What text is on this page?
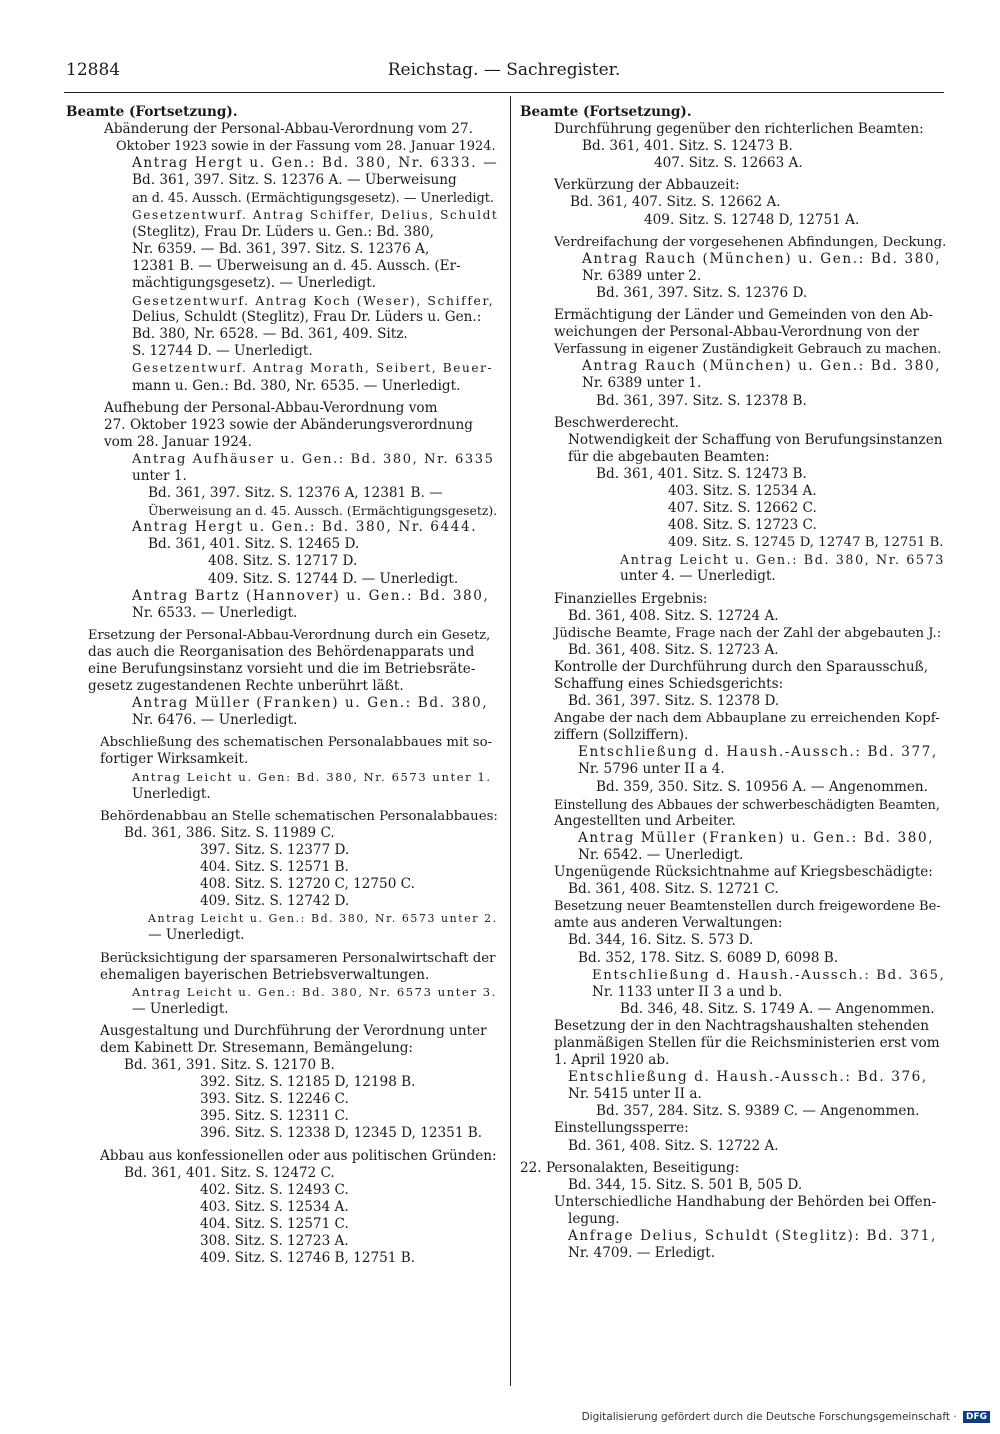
12884	Reichstag. — Sachregister.
Beamte (Fortsetzung).
Abänderung der Personal-Abbau-Verordnung vom 27.
Oktober 1923 sowie in der Fassung vom 28. Januar 1924.
Antrag Hergt u. Gen.: Bd. 380, Nr. 6333. —
Bd. 361, 397. Sitz. S. 12376 A. — Überweisung
an d. 45. Aussch. (Ermächtigungsgesetz). — Unerledigt.
Gesetzentwurf. Antrag Schiffer, Delius, Schuldt
(Steglitz), Frau Dr. Lüders u. Gen.: Bd. 380,
Nr. 6359. — Bd. 361, 397. Sitz. S. 12376 A,
12381 B. — Überweisung an d. 45. Aussch. (Er-
mächtigungsgesetz). — Unerledigt.
Gesetzentwurf. Antrag Koch (Weser), Schiffer,
Delius, Schuldt (Steglitz), Frau Dr. Lüders u. Gen.:
Bd. 380, Nr. 6528. — Bd. 361, 409. Sitz.
S. 12744 D. — Unerledigt.
Gesetzentwurf. Antrag Morath, Seibert, Beuer-
mann u. Gen.: Bd. 380, Nr. 6535. — Unerledigt.
Aufhebung der Personal-Abbau-Verordnung vom
27. Oktober 1923 sowie der Abänderungsverordnung
vom 28. Januar 1924.
Antrag Aufhäuser u. Gen.: Bd. 380, Nr. 6335
unter 1.
Bd. 361, 397. Sitz. S. 12376 A, 12381 B. —
Überweisung an d. 45. Aussch. (Ermächtigungsgesetz).
Antrag Hergt u. Gen.: Bd. 380, Nr. 6444.
Bd. 361, 401. Sitz. S. 12465 D.
408. Sitz. S. 12717 D.
409. Sitz. S. 12744 D. — Unerledigt.
Antrag Bartz (Hannover) u. Gen.: Bd. 380,
Nr. 6533. — Unerledigt.
Ersetzung der Personal-Abbau-Verordnung durch ein Gesetz,
das auch die Reorganisation des Behördenapparats und
eine Berufungsinstanz vorsieht und die im Betriebsräte-
gesetz zugestandenen Rechte unberührt läßt.
Antrag Müller (Franken) u. Gen.: Bd. 380,
Nr. 6476. — Unerledigt.
Abschließung des schematischen Personalabbaues mit so-
fortiger Wirksamkeit.
Antrag Leicht u. Gen: Bd. 380, Nr. 6573 unter 1.
Unerledigt.
Behördenabbau an Stelle schematischen Personalabbaues:
Bd. 361, 386. Sitz. S. 11989 C.
397. Sitz. S. 12377 D.
404. Sitz. S. 12571 B.
408. Sitz. S. 12720 C, 12750 C.
409. Sitz. S. 12742 D.
Antrag Leicht u. Gen.: Bd. 380, Nr. 6573 unter 2.
— Unerledigt.
Berücksichtigung der sparsameren Personalwirtschaft der
ehemaligen bayerischen Betriebsverwaltungen.
Antrag Leicht u. Gen.: Bd. 380, Nr. 6573 unter 3.
— Unerledigt.
Ausgestaltung und Durchführung der Verordnung unter
dem Kabinett Dr. Stresemann, Bemängelung:
Bd. 361, 391. Sitz. S. 12170 B.
392. Sitz. S. 12185 D, 12198 B.
393. Sitz. S. 12246 C.
395. Sitz. S. 12311 C.
396. Sitz. S. 12338 D, 12345 D, 12351 B.
Abbau aus konfessionellen oder aus politischen Gründen:
Bd. 361, 401. Sitz. S. 12472 C.
402. Sitz. S. 12493 C.
403. Sitz. S. 12534 A.
404. Sitz. S. 12571 C.
308. Sitz. S. 12723 A.
409. Sitz. S. 12746 B, 12751 B.
Beamte (Fortsetzung).
Durchführung gegenüber den richterlichen Beamten:
Bd. 361, 401. Sitz. S. 12473 B.
407. Sitz. S. 12663 A.
Verkürzung der Abbauzeit:
Bd. 361, 407. Sitz. S. 12662 A.
409. Sitz. S. 12748 D, 12751 A.
Verdreifachung der vorgesehenen Abfindungen, Deckung.
Antrag Rauch (München) u. Gen.: Bd. 380,
Nr. 6389 unter 2.
Bd. 361, 397. Sitz. S. 12376 D.
Ermächtigung der Länder und Gemeinden von den Ab-
weichungen der Personal-Abbau-Verordnung von der
Verfassung in eigener Zuständigkeit Gebrauch zu machen.
Antrag Rauch (München) u. Gen.: Bd. 380,
Nr. 6389 unter 1.
Bd. 361, 397. Sitz. S. 12378 B.
Beschwerderecht.
Notwendigkeit der Schaffung von Berufungsinstanzen
für die abgebauten Beamten:
Bd. 361, 401. Sitz. S. 12473 B.
403. Sitz. S. 12534 A.
407. Sitz. S. 12662 C.
408. Sitz. S. 12723 C.
409. Sitz. S. 12745 D, 12747 B, 12751 B.
Antrag Leicht u. Gen.: Bd. 380, Nr. 6573
unter 4. — Unerledigt.
Finanzielles Ergebnis:
Bd. 361, 408. Sitz. S. 12724 A.
Jüdische Beamte, Frage nach der Zahl der abgebauten J.:
Bd. 361, 408. Sitz. S. 12723 A.
Kontrolle der Durchführung durch den Sparausschuß,
Schaffung eines Schiedsgerichts:
Bd. 361, 397. Sitz. S. 12378 D.
Angabe der nach dem Abbauplane zu erreichenden Kopf-
ziffern (Sollziffern).
Entschließung d. Haush.-Aussch.: Bd. 377,
Nr. 5796 unter II a 4.
Bd. 359, 350. Sitz. S. 10956 A. — Angenommen.
Einstellung des Abbaues der schwerbeschädigten Beamten,
Angestellten und Arbeiter.
Antrag Müller (Franken) u. Gen.: Bd. 380,
Nr. 6542. — Unerledigt.
Ungenügende Rücksichtnahme auf Kriegsbeschädigte:
Bd. 361, 408. Sitz. S. 12721 C.
Besetzung neuer Beamtenstellen durch freigewordene Be-
amte aus anderen Verwaltungen:
Bd. 344, 16. Sitz. S. 573 D.
Bd. 352, 178. Sitz. S. 6089 D, 6098 B.
Entschließung d. Haush.-Aussch.: Bd. 365,
Nr. 1133 unter II 3 a und b.
Bd. 346, 48. Sitz. S. 1749 A. — Angenommen.
Besetzung der in den Nachtragshaushalten stehenden
planmäßigen Stellen für die Reichsministerien erst vom
1. April 1920 ab.
Entschließung d. Haush.-Aussch.: Bd. 376,
Nr. 5415 unter II a.
Bd. 357, 284. Sitz. S. 9389 C. — Angenommen.
Einstellungssperre:
Bd. 361, 408. Sitz. S. 12722 A.
22. Personalakten, Beseitigung:
Bd. 344, 15. Sitz. S. 501 B, 505 D.
Unterschiedliche Handhabung der Behörden bei Offen-
legung.
Anfrage Delius, Schuldt (Steglitz): Bd. 371,
Nr. 4709. — Erledigt.
Digitalisierung gefördert durch die Deutsche Forschungsgemeinschaft · DFG
